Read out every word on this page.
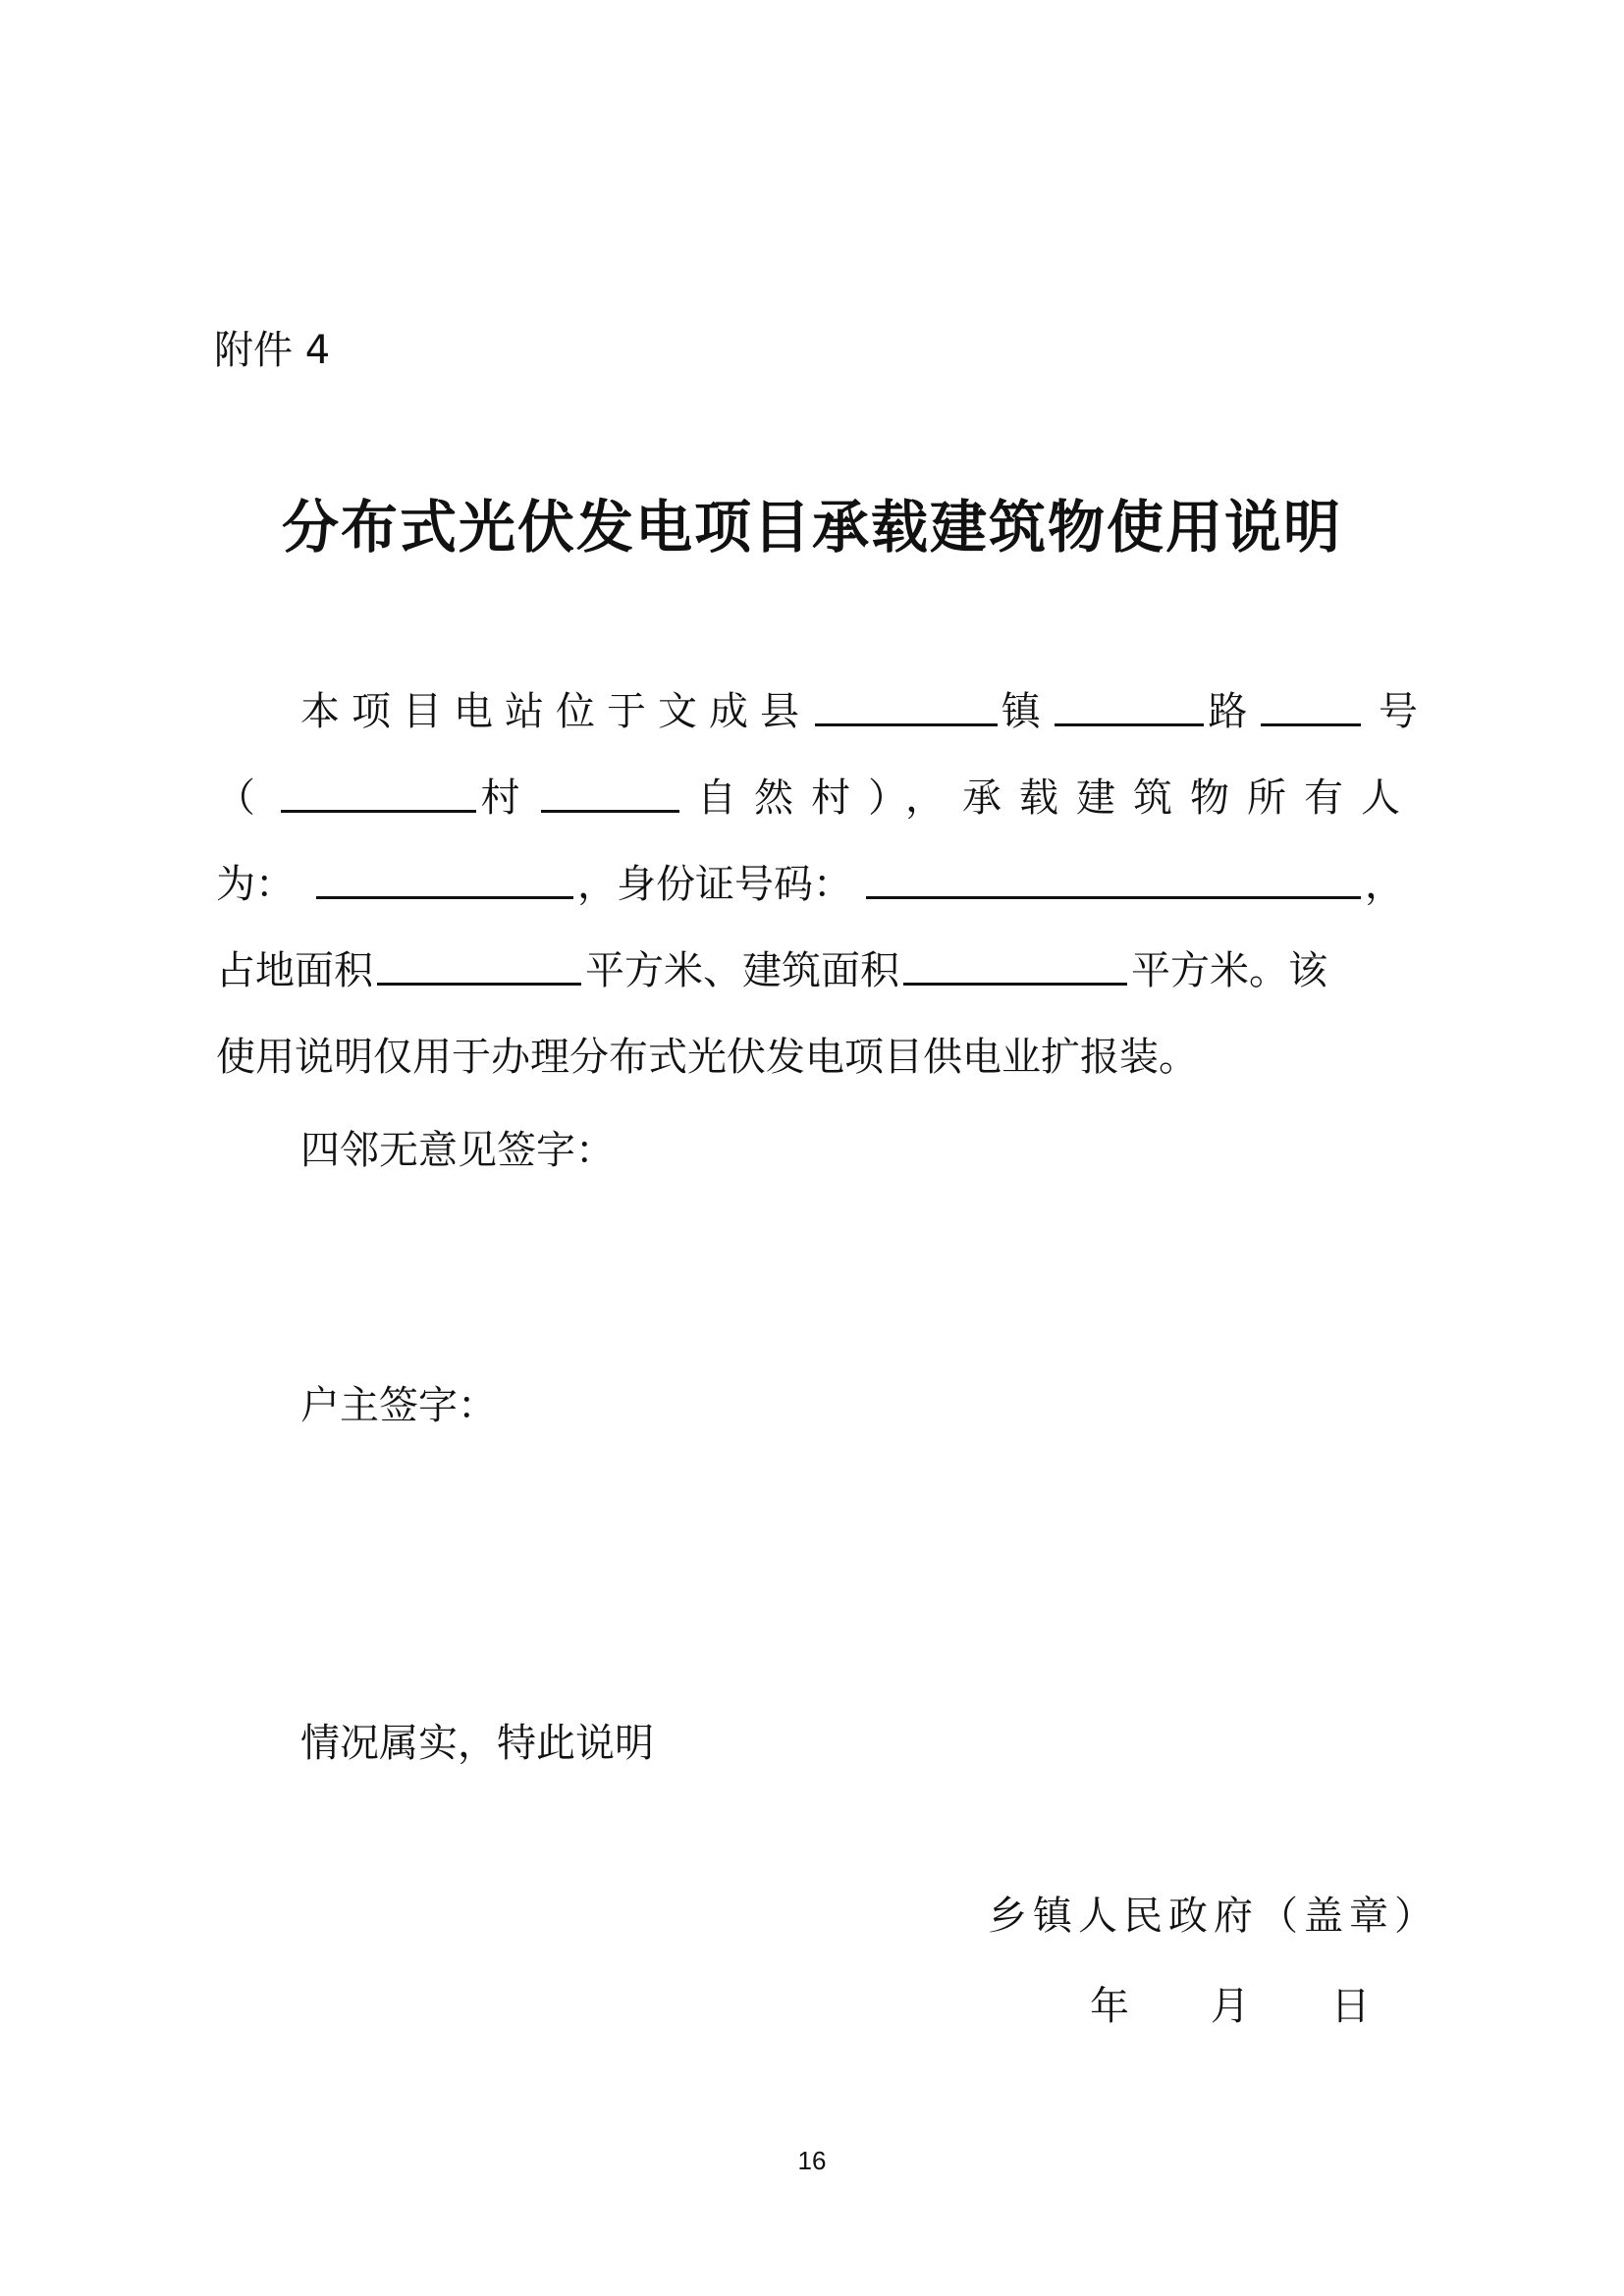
附件 4
分布式光伏发电项目承载建筑物使用说明
本项目电站位于文成县	镇	路	号
（	村	自然村），承载建筑物所有人
为：	，身份证号码：	，
占地面积	平方米、建筑面积	平方米。该
使用说明仅用于办理分布式光伏发电项目供电业扩报装。
四邻无意见签字：
户主签字：
情况属实，特此说明
乡镇人民政府（盖章）
年 月 日
16
